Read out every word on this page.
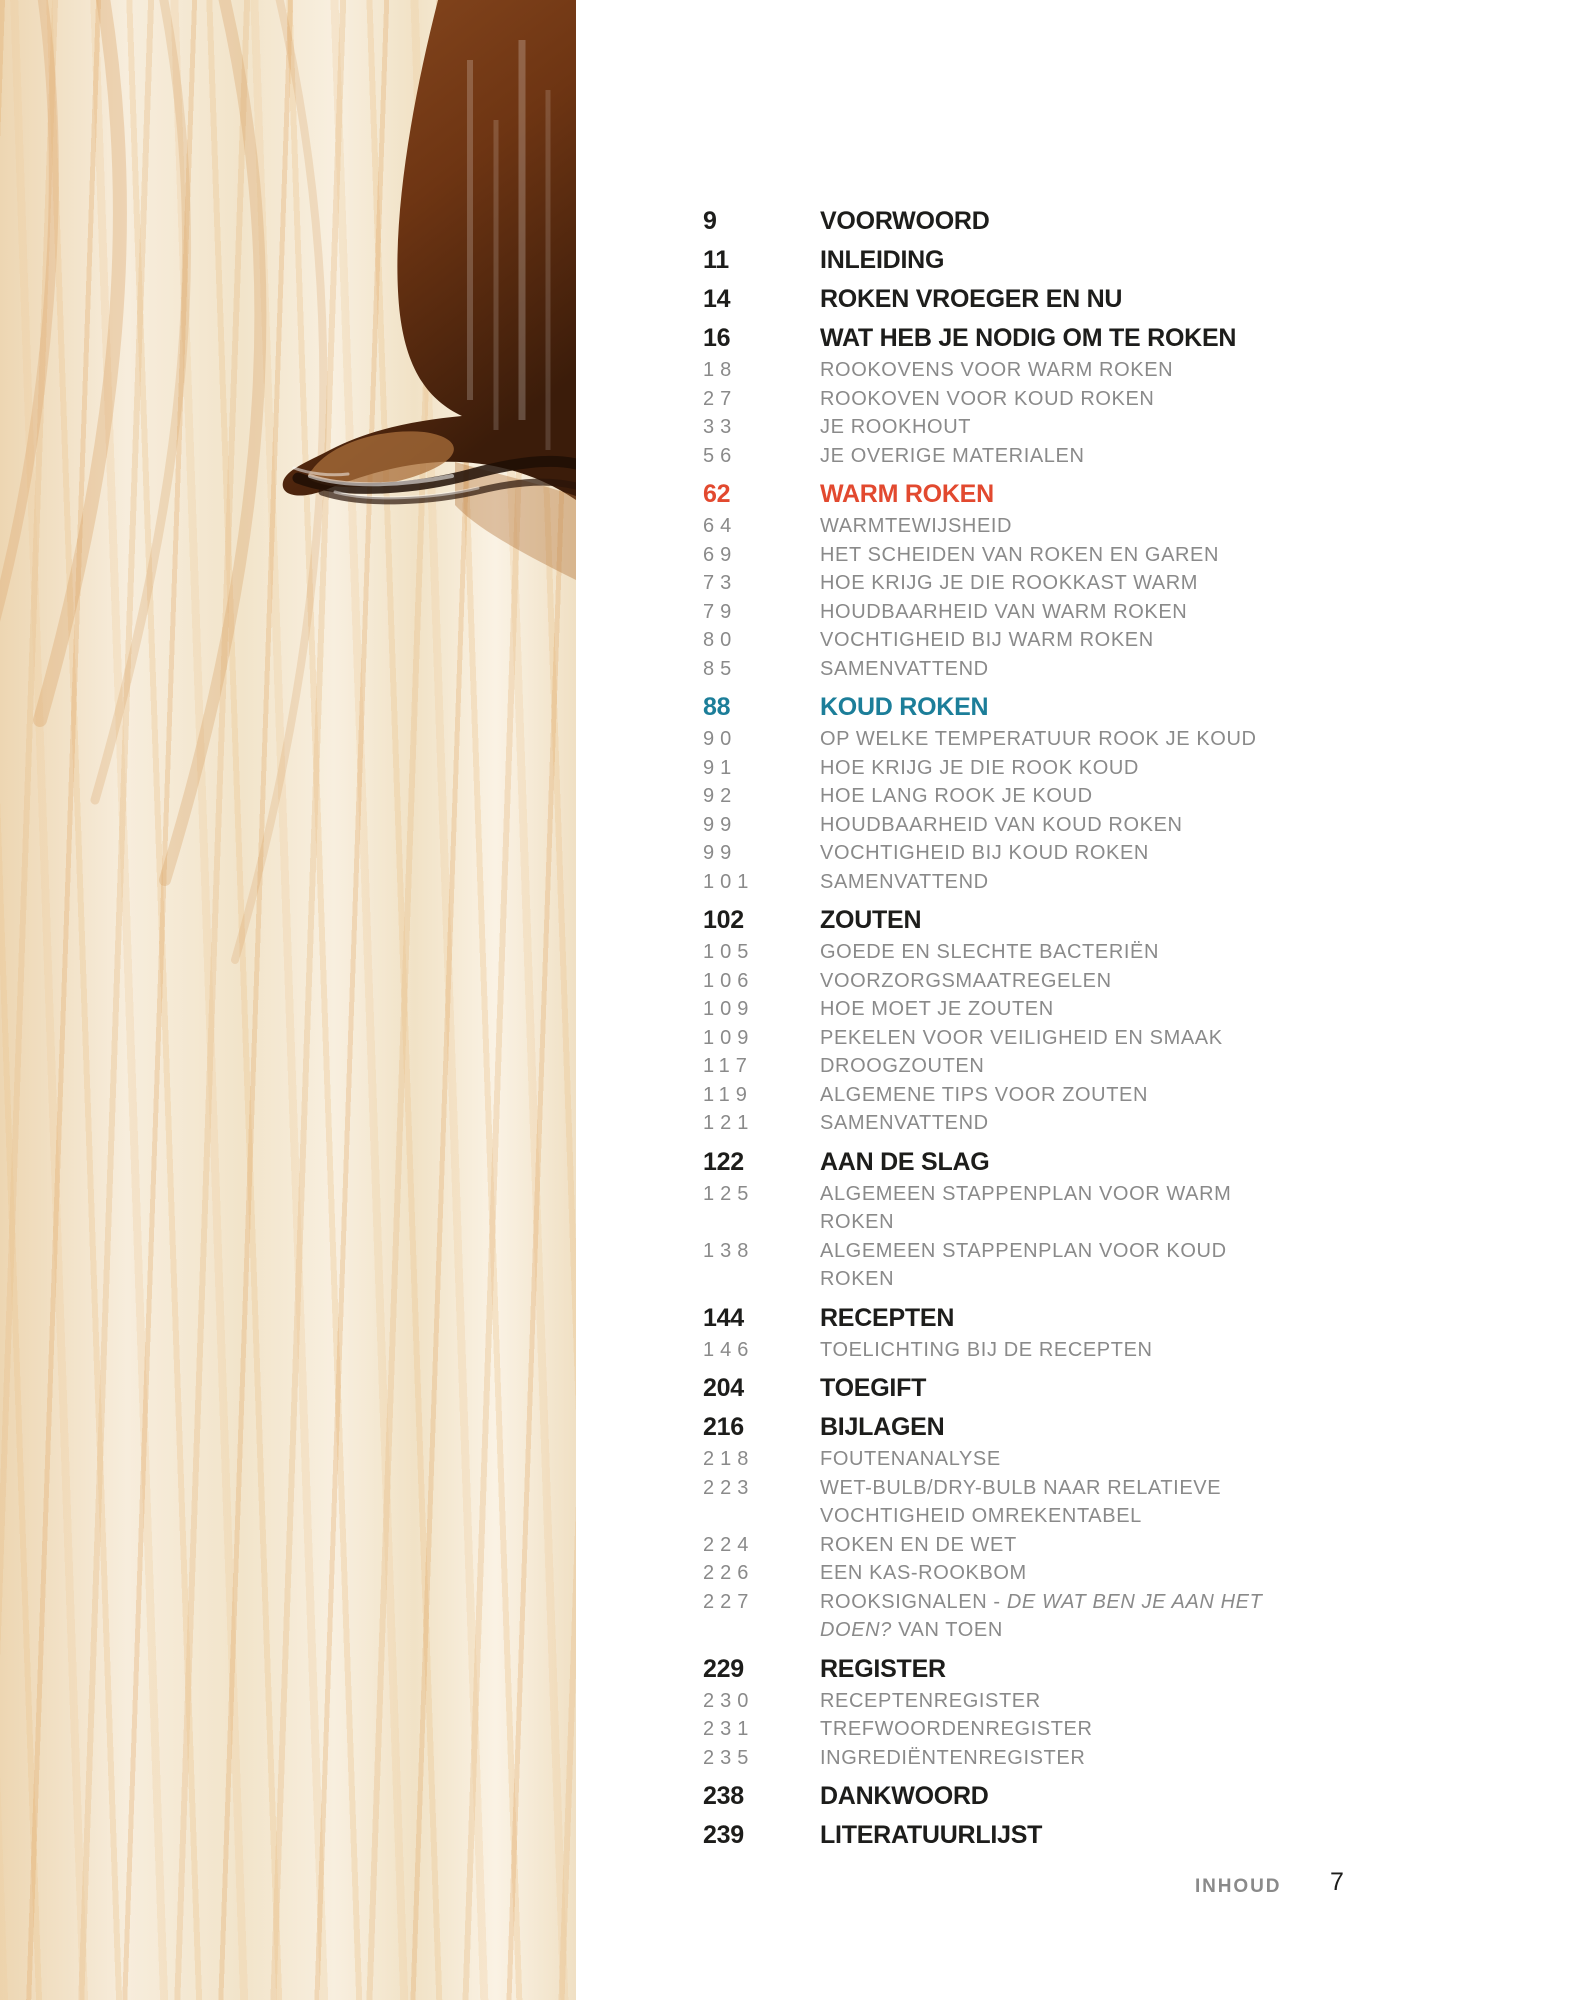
9	VOORWOORD
11	INLEIDING
14	ROKEN VROEGER EN NU
16	WAT HEB JE NODIG OM TE ROKEN
18	ROOKOVENS VOOR WARM ROKEN
27	ROOKOVEN VOOR KOUD ROKEN
33	JE ROOKHOUT
56	JE OVERIGE MATERIALEN
62	WARM ROKEN
64	WARMTEWIJSHEID
69	HET SCHEIDEN VAN ROKEN EN GAREN
73	HOE KRIJG JE DIE ROOKKAST WARM
79	HOUDBAARHEID VAN WARM ROKEN
80	VOCHTIGHEID BIJ WARM ROKEN
85	SAMENVATTEND
88	KOUD ROKEN
90	OP WELKE TEMPERATUUR ROOK JE KOUD
91	HOE KRIJG JE DIE ROOK KOUD
92	HOE LANG ROOK JE KOUD
99	HOUDBAARHEID VAN KOUD ROKEN
99	VOCHTIGHEID BIJ KOUD ROKEN
101	SAMENVATTEND
102	ZOUTEN
105	GOEDE EN SLECHTE BACTERIËN
106	VOORZORGSMAATREGELEN
109	HOE MOET JE ZOUTEN
109	PEKELEN VOOR VEILIGHEID EN SMAAK
117	DROOGZOUTEN
119	ALGEMENE TIPS VOOR ZOUTEN
121	SAMENVATTEND
122	AAN DE SLAG
125	ALGEMEEN STAPPENPLAN VOOR WARM ROKEN
138	ALGEMEEN STAPPENPLAN VOOR KOUD ROKEN
144	RECEPTEN
146	TOELICHTING BIJ DE RECEPTEN
204	TOEGIFT
216	BIJLAGEN
218	FOUTENANALYSE
223	WET-BULB/DRY-BULB NAAR RELATIEVE VOCHTIGHEID OMREKENTABEL
224	ROKEN EN DE WET
226	EEN KAS-ROOKBOM
227	ROOKSIGNALEN - DE WAT BEN JE AAN HET DOEN? VAN TOEN
229	REGISTER
230	RECEPTENREGISTER
231	TREFWOORDENREGISTER
235	INGREDIËNTENREGISTER
238	DANKWOORD
239	LITERATUURLIJST
INHOUD 7
